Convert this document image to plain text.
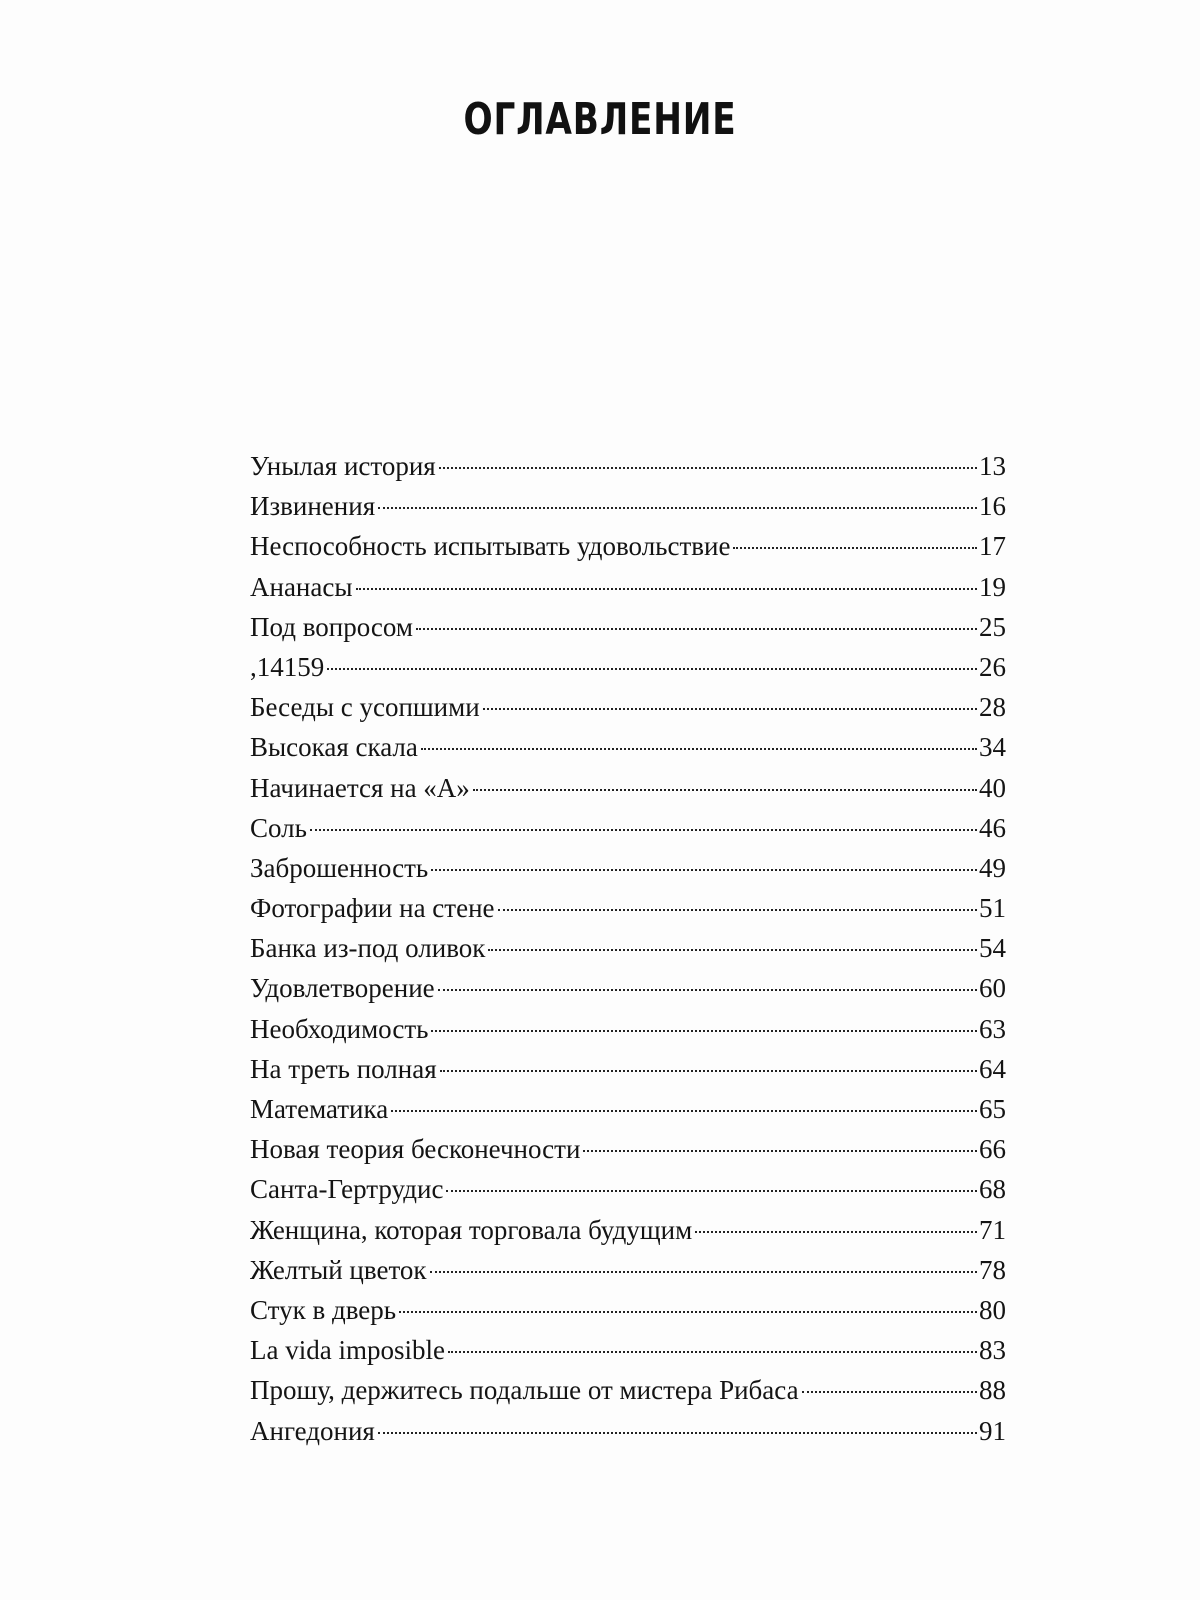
ОГЛАВЛЕНИЕ
Унылая история	13
Извинения	16
Неспособность испытывать удовольствие	17
Ананасы	19
Под вопросом	25
,14159	26
Беседы с усопшими	28
Высокая скала	34
Начинается на «А»	40
Соль	46
Заброшенность	49
Фотографии на стене	51
Банка из-под оливок	54
Удовлетворение	60
Необходимость	63
На треть полная	64
Математика	65
Новая теория бесконечности	66
Санта-Гертрудис	68
Женщина, которая торговала будущим	71
Желтый цветок	78
Стук в дверь	80
La vida imposible	83
Прошу, держитесь подальше от мистера Рибаса	88
Ангедония	91
